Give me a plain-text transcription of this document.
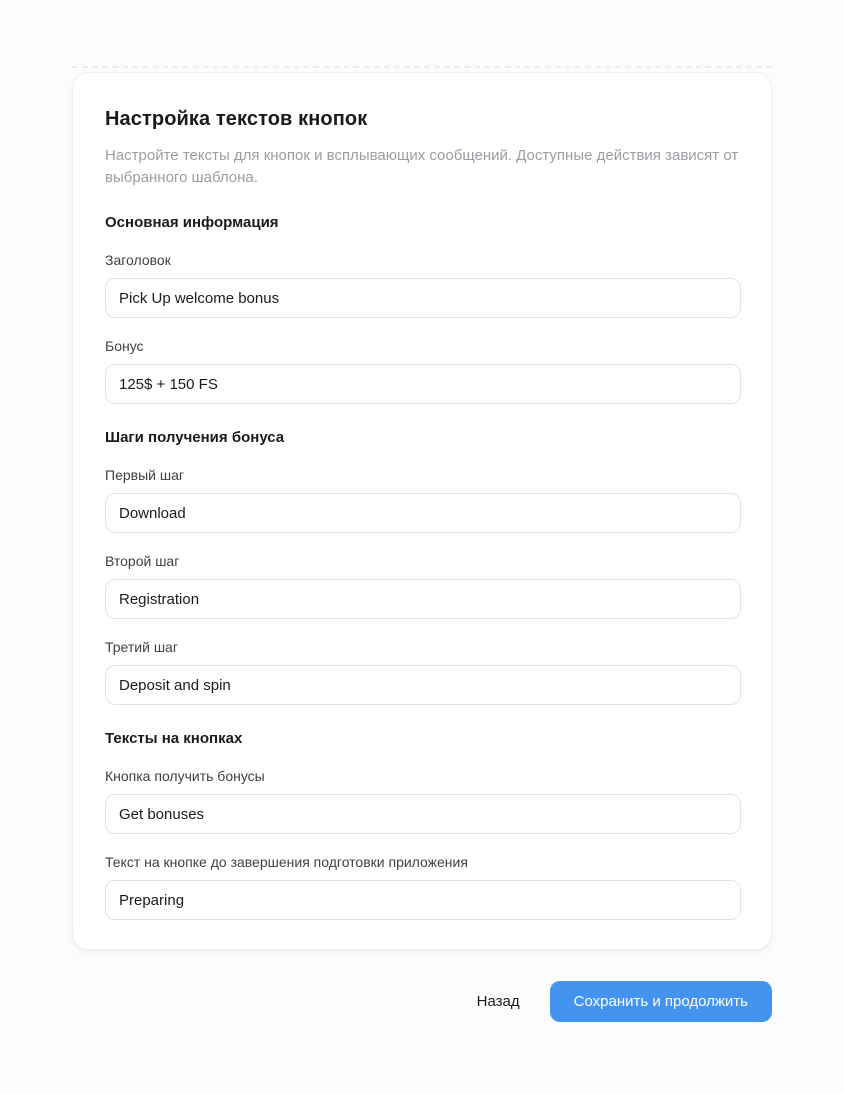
Настройка текстов кнопок

Настройте тексты для кнопок и всплывающих сообщений. Доступные действия зависят от выбранного шаблона.

Основная информация
Заголовок
Pick Up welcome bonus
Бонус
125$ + 150 FS
Шаги получения бонуса
Первый шаг
Download
Второй шаг
Registration
Третий шаг
Deposit and spin
Тексты на кнопках
Кнопка получить бонусы
Get bonuses
Текст на кнопке до завершения подготовки приложения
Preparing
Назад	Сохранить и продолжить
